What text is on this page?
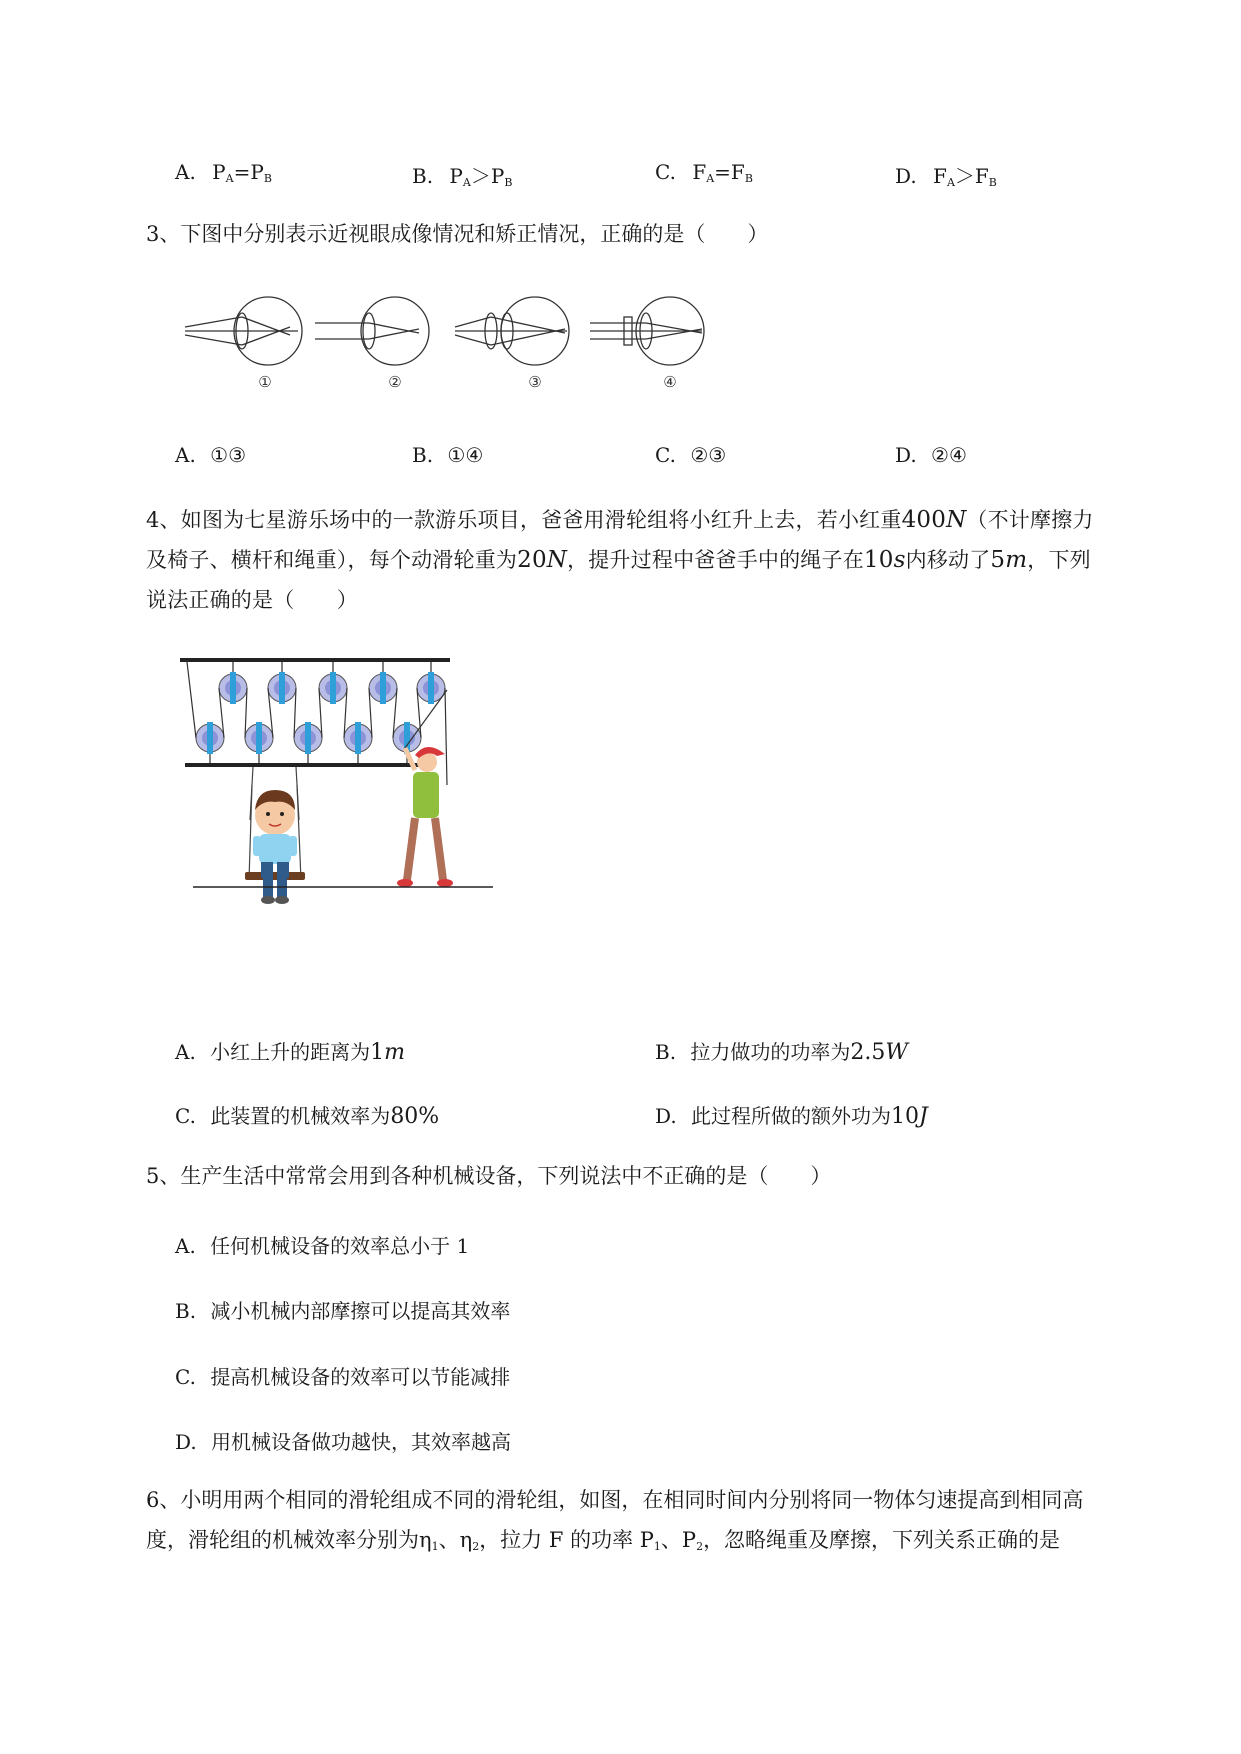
A. $P_A=P_B$	B. $P_A>P_B$	C. $F_A=F_B$	D. $F_A>F_B$
3、下图中分别表示近视眼成像情况和矫正情况，正确的是（　　）
①	②	③	④
A. ①③	B. ①④	C. ②③	D. ②④
4、如图为七星游乐场中的一款游乐项目，爸爸用滑轮组将小红升上去，若小红重400N（不计摩擦力
及椅子、横杆和绳重），每个动滑轮重为20N，提升过程中爸爸手中的绳子在10s内移动了5m，下列
说法正确的是（　　）
A. 小红上升的距离为1m	B. 拉力做功的功率为2.5W
C. 此装置的机械效率为80%	D. 此过程所做的额外功为10J
5、生产生活中常常会用到各种机械设备，下列说法中不正确的是（　　）
A. 任何机械设备的效率总小于 1
B. 减小机械内部摩擦可以提高其效率
C. 提高机械设备的效率可以节能减排
D. 用机械设备做功越快，其效率越高
6、小明用两个相同的滑轮组成不同的滑轮组，如图，在相同时间内分别将同一物体匀速提高到相同高
度，滑轮组的机械效率分别为$\eta_1$、$\eta_2$，拉力 F 的功率 $P_1$、$P_2$，忽略绳重及摩擦，下列关系正确的是
